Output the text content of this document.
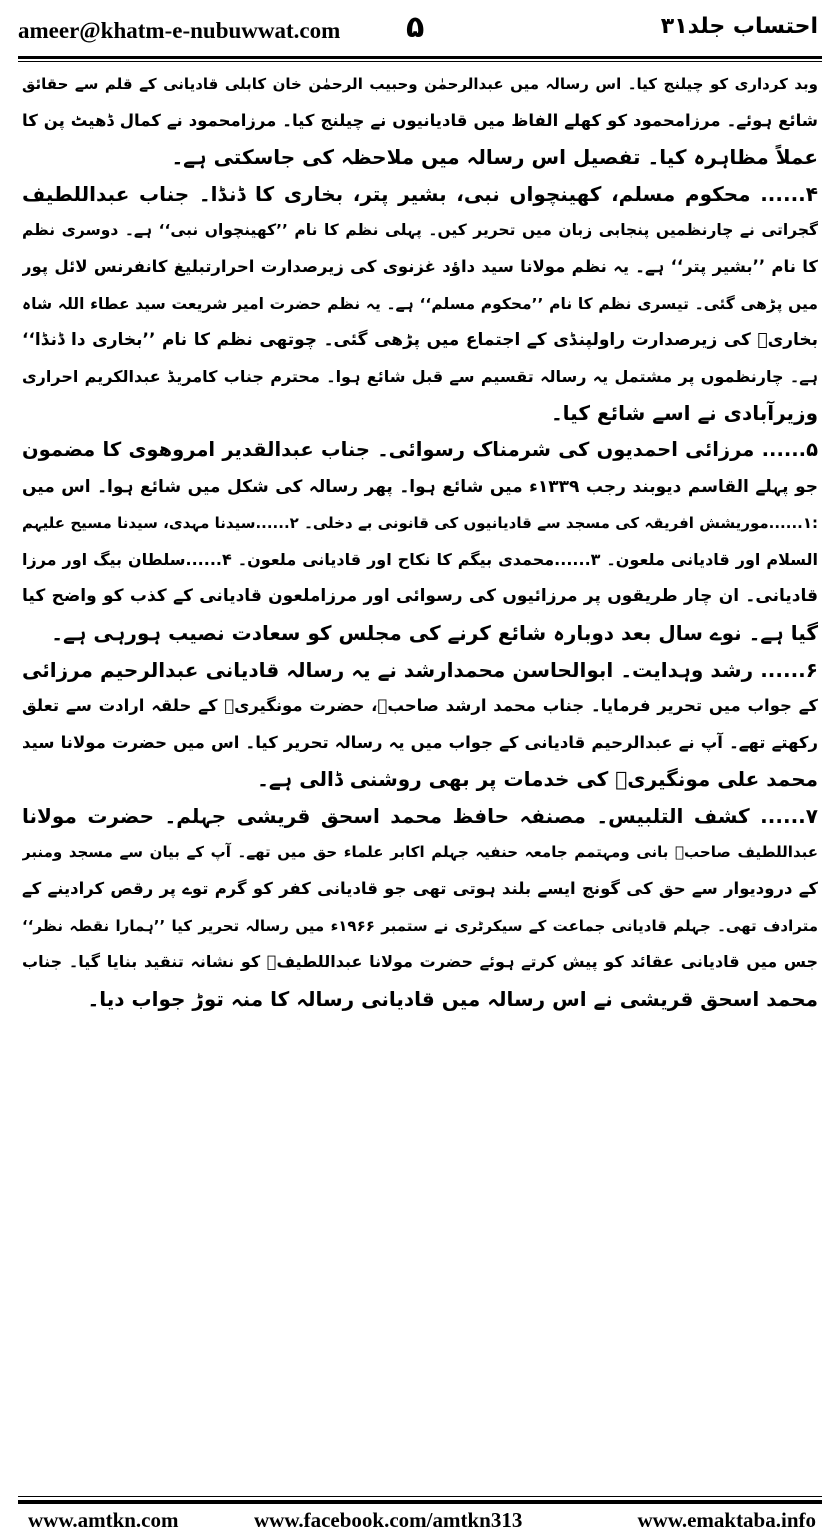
ameer@khatm-e-nubuwwat.com ۵	احتساب جلد۳۱
وبد کرداری کو چیلنج کیا۔ اس رسالہ میں عبدالرحمٰن وحبیب الرحمٰن خان کابلی قادیانی کے قلم سے حقائق
شائع ہوئے۔ مرزامحمود کو کھلے الفاظ میں قادیانیوں نے چیلنج کیا۔ مرزامحمود نے کمال ڈھیٹ پن کا
عملاً مظاہرہ کیا۔ تفصیل اس رسالہ میں ملاحظہ کی جاسکتی ہے۔
۴...... محکوم مسلم، کھینچواں نبی، بشیر پتر، بخاری کا ڈنڈا۔ جناب عبداللطیف
گجراتی نے چارنظمیں پنجابی زبان میں تحریر کیں۔ پہلی نظم کا نام ’’کھینچواں نبی‘‘ ہے۔ دوسری نظم
کا نام ’’بشیر پتر‘‘ ہے۔ یہ نظم مولانا سید داؤد غزنوی کی زیرصدارت احرارتبلیغ کانفرنس لائل پور
میں پڑھی گئی۔ تیسری نظم کا نام ’’محکوم مسلم‘‘ ہے۔ یہ نظم حضرت امیر شریعت سید عطاء اللہ شاہ
بخاریؒ کی زیرصدارت راولپنڈی کے اجتماع میں پڑھی گئی۔ چوتھی نظم کا نام ’’بخاری دا ڈنڈا‘‘
ہے۔ چارنظموں پر مشتمل یہ رسالہ تقسیم سے قبل شائع ہوا۔ محترم جناب کامریڈ عبدالکریم احراری
وزیرآبادی نے اسے شائع کیا۔
۵...... مرزائی احمدیوں کی شرمناک رسوائی۔ جناب عبدالقدیر امروھوی کا مضمون
جو پہلے القاسم دیوبند رجب ۱۳۳۹ء میں شائع ہوا۔ پھر رسالہ کی شکل میں شائع ہوا۔ اس میں
:۱......موریشش افریقہ کی مسجد سے قادیانیوں کی قانونی بے دخلی۔ ۲......سیدنا مہدی، سیدنا مسیح علیہم
السلام اور قادیانی ملعون۔ ۳......محمدی بیگم کا نکاح اور قادیانی ملعون۔ ۴......سلطان بیگ اور مرزا
قادیانی۔ ان چار طریقوں پر مرزائیوں کی رسوائی اور مرزاملعون قادیانی کے کذب کو واضح کیا
گیا ہے۔ نوے سال بعد دوبارہ شائع کرنے کی مجلس کو سعادت نصیب ہورہی ہے۔
۶...... رشد وہدایت۔ ابوالحاسن محمدارشد نے یہ رسالہ قادیانی عبدالرحیم مرزائی
کے جواب میں تحریر فرمایا۔ جناب محمد ارشد صاحبؒ، حضرت مونگیریؒ کے حلقہ ارادت سے تعلق
رکھتے تھے۔ آپ نے عبدالرحیم قادیانی کے جواب میں یہ رسالہ تحریر کیا۔ اس میں حضرت مولانا سید
محمد علی مونگیریؒ کی خدمات پر بھی روشنی ڈالی ہے۔
۷...... کشف التلبیس۔ مصنفہ حافظ محمد اسحق قریشی جہلم۔ حضرت مولانا
عبداللطیف صاحبؒ بانی ومہتمم جامعہ حنفیہ جہلم اکابر علماء حق میں تھے۔ آپ کے بیان سے مسجد ومنبر
کے درودیوار سے حق کی گونج ایسے بلند ہوتی تھی جو قادیانی کفر کو گرم توے پر رقص کرادینے کے
مترادف تھی۔ جہلم قادیانی جماعت کے سیکرٹری نے ستمبر ۱۹۶۶ء میں رسالہ تحریر کیا ’’ہمارا نقطہ نظر‘‘
جس میں قادیانی عقائد کو پیش کرتے ہوئے حضرت مولانا عبداللطیفؒ کو نشانہ تنقید بنایا گیا۔ جناب
محمد اسحق قریشی نے اس رسالہ میں قادیانی رسالہ کا منہ توڑ جواب دیا۔
www.amtkn.com	www.facebook.com/amtkn313	www.emaktaba.info
